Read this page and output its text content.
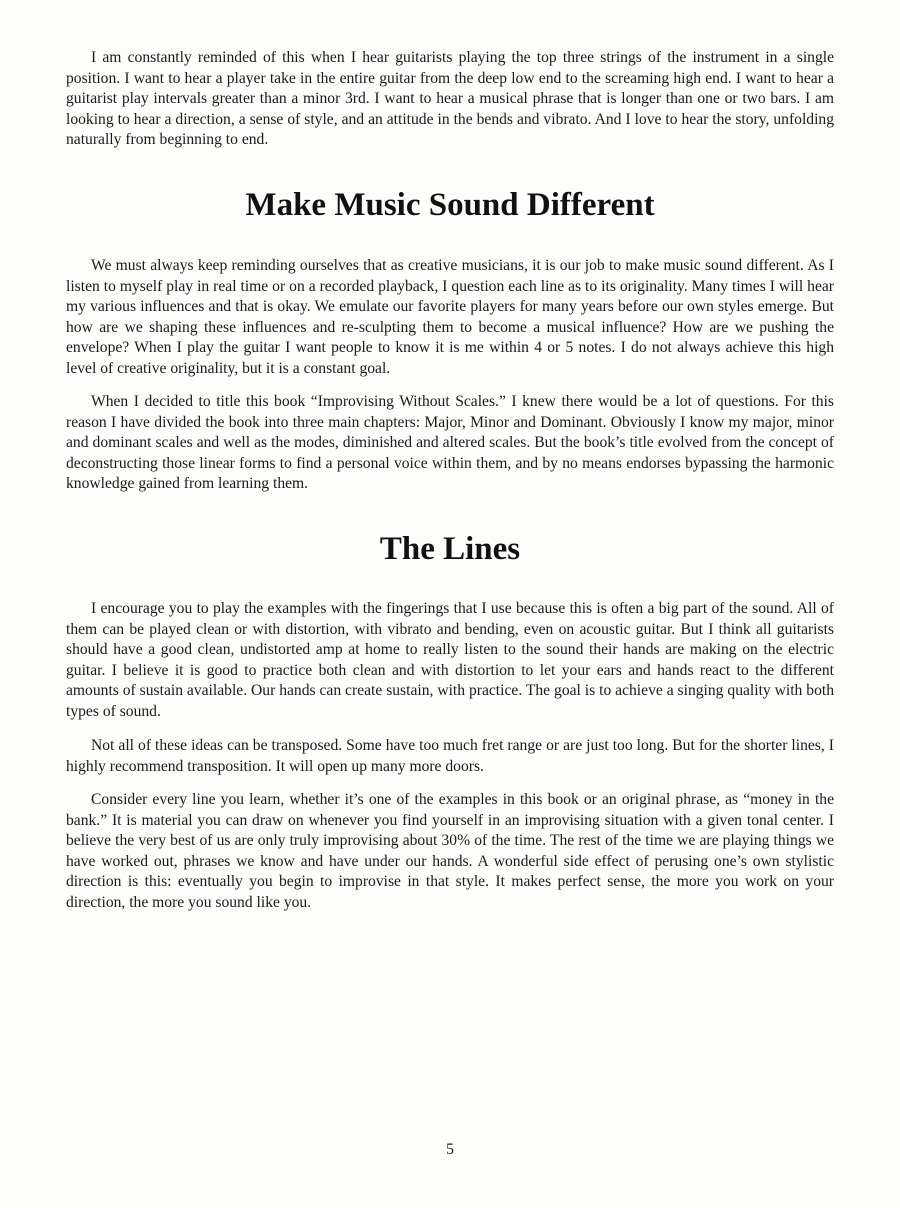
I am constantly reminded of this when I hear guitarists playing the top three strings of the instrument in a single position. I want to hear a player take in the entire guitar from the deep low end to the screaming high end. I want to hear a guitarist play intervals greater than a minor 3rd. I want to hear a musical phrase that is longer than one or two bars. I am looking to hear a direction, a sense of style, and an attitude in the bends and vibrato. And I love to hear the story, unfolding naturally from beginning to end.

Make Music Sound Different

We must always keep reminding ourselves that as creative musicians, it is our job to make music sound different. As I listen to myself play in real time or on a recorded playback, I question each line as to its originality. Many times I will hear my various influences and that is okay. We emulate our favorite players for many years before our own styles emerge. But how are we shaping these influences and re-sculpting them to become a musical influence? How are we pushing the envelope? When I play the guitar I want people to know it is me within 4 or 5 notes. I do not always achieve this high level of creative originality, but it is a constant goal.

When I decided to title this book “Improvising Without Scales.” I knew there would be a lot of questions. For this reason I have divided the book into three main chapters: Major, Minor and Dominant. Obviously I know my major, minor and dominant scales and well as the modes, diminished and altered scales. But the book’s title evolved from the concept of deconstructing those linear forms to find a personal voice within them, and by no means endorses bypassing the harmonic knowledge gained from learning them.

The Lines

I encourage you to play the examples with the fingerings that I use because this is often a big part of the sound. All of them can be played clean or with distortion, with vibrato and bending, even on acoustic guitar. But I think all guitarists should have a good clean, undistorted amp at home to really listen to the sound their hands are making on the electric guitar. I believe it is good to practice both clean and with distortion to let your ears and hands react to the different amounts of sustain available. Our hands can create sustain, with practice. The goal is to achieve a singing quality with both types of sound.

Not all of these ideas can be transposed. Some have too much fret range or are just too long. But for the shorter lines, I highly recommend transposition. It will open up many more doors.

Consider every line you learn, whether it’s one of the examples in this book or an original phrase, as “money in the bank.” It is material you can draw on whenever you find yourself in an improvising situation with a given tonal center. I believe the very best of us are only truly improvising about 30% of the time. The rest of the time we are playing things we have worked out, phrases we know and have under our hands. A wonderful side effect of perusing one’s own stylistic direction is this: eventually you begin to improvise in that style. It makes perfect sense, the more you work on your direction, the more you sound like you.

5
